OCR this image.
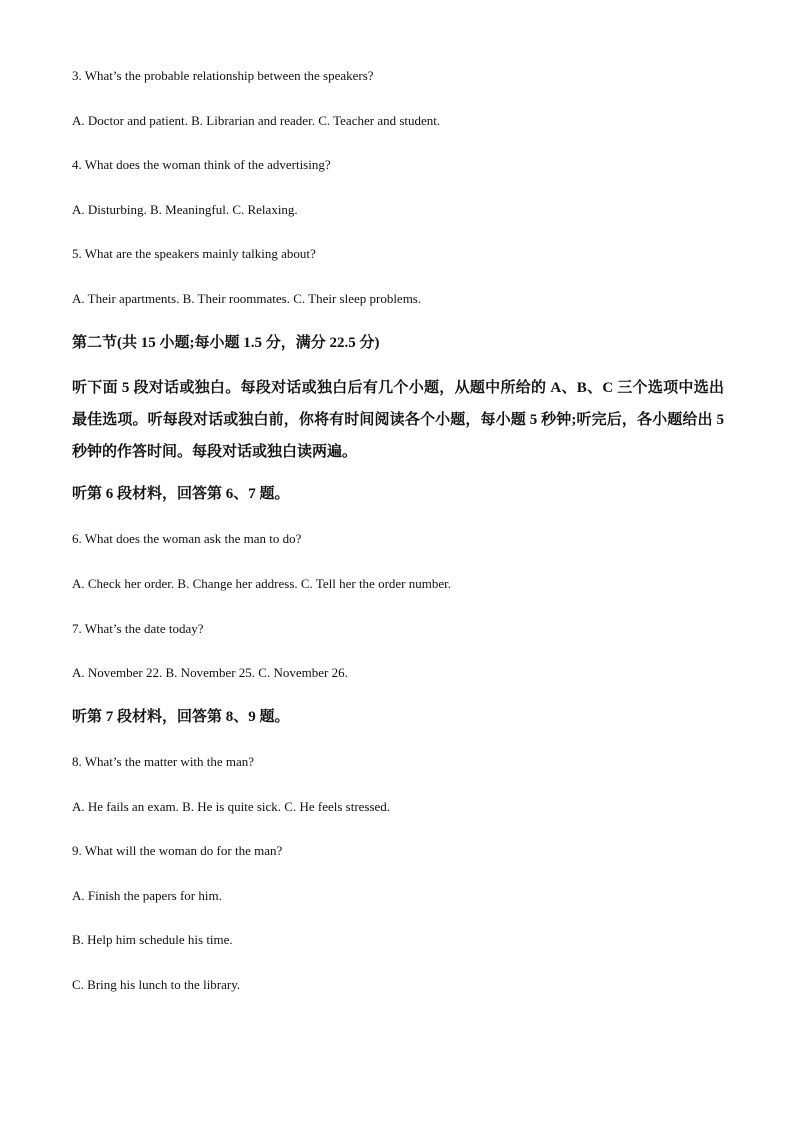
3. What’s the probable relationship between the speakers?
A. Doctor and patient. B. Librarian and reader. C. Teacher and student.
4. What does the woman think of the advertising?
A. Disturbing. B. Meaningful. C. Relaxing.
5. What are the speakers mainly talking about?
A. Their apartments. B. Their roommates. C. Their sleep problems.
第二节(共 15 小题;每小题 1.5 分，满分 22.5 分)
听下面 5 段对话或独白。每段对话或独白后有几个小题，从题中所给的 A、B、C 三个选项中选出最佳选项。听每段对话或独白前，你将有时间阅读各个小题，每小题 5 秒钟;听完后，各小题给出 5 秒钟的作答时间。每段对话或独白读两遍。
听第 6 段材料，回答第 6、7 题。
6. What does the woman ask the man to do?
A. Check her order. B. Change her address. C. Tell her the order number.
7. What’s the date today?
A. November 22. B. November 25. C. November 26.
听第 7 段材料，回答第 8、9 题。
8. What’s the matter with the man?
A. He fails an exam. B. He is quite sick. C. He feels stressed.
9. What will the woman do for the man?
A. Finish the papers for him.
B. Help him schedule his time.
C. Bring his lunch to the library.
